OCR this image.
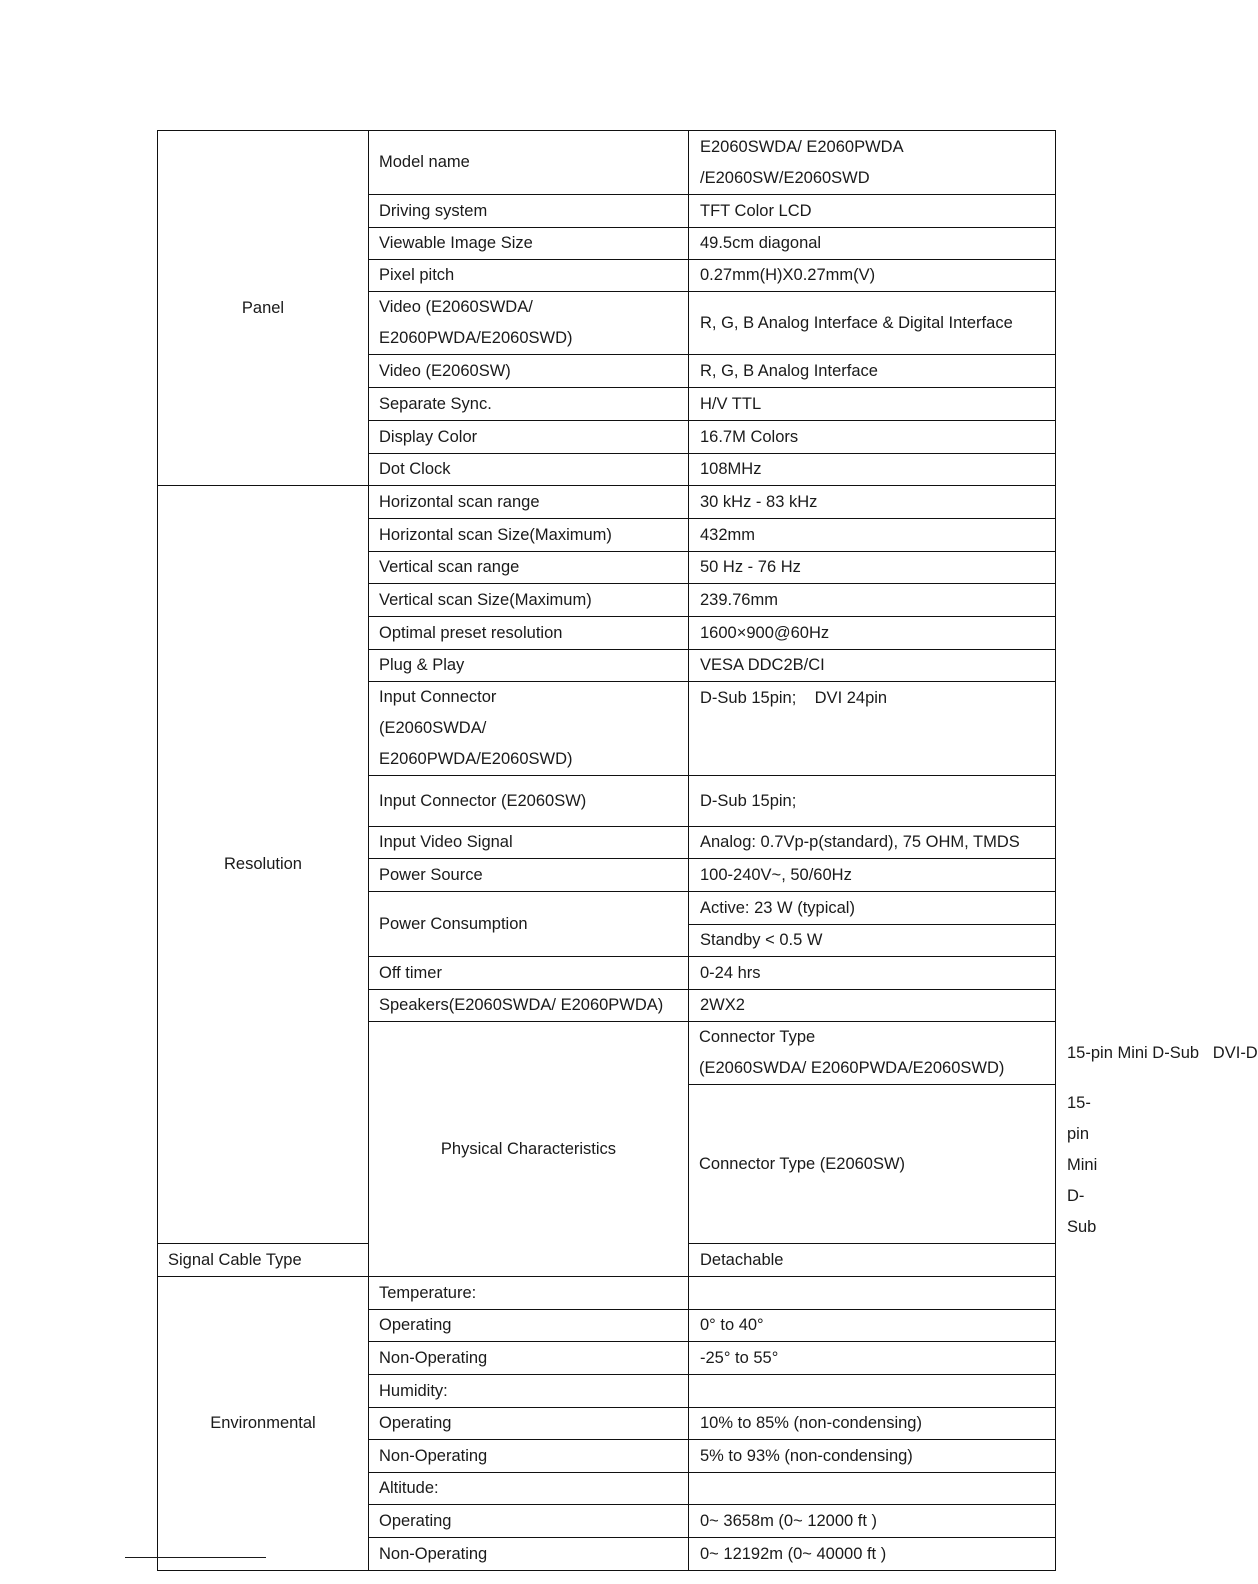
Panel	Model name	E2060SWDA/ E2060PWDA
/E2060SW/E2060SWD	
	Driving system	TFT Color LCD	
	Viewable Image Size	49.5cm diagonal	
	Pixel pitch	0.27mm(H)X0.27mm(V)	
	Video (E2060SWDA/
E2060PWDA/E2060SWD)	R, G, B Analog Interface & Digital Interface	
	Video (E2060SW)	R, G, B Analog Interface	
	Separate Sync.	H/V TTL	
	Display Color	16.7M Colors	
	Dot Clock	108MHz	
Resolution	Horizontal scan range	30 kHz - 83 kHz	
	Horizontal scan Size(Maximum)	432mm	
	Vertical scan range	50 Hz - 76 Hz	
	Vertical scan Size(Maximum)	239.76mm	
	Optimal preset resolution	1600×900@60Hz	
	Plug & Play	VESA DDC2B/CI	
	Input Connector
(E2060SWDA/ E2060PWDA/E2060SWD)	D-Sub 15pin;    DVI 24pin	
	Input Connector (E2060SW)	D-Sub 15pin;	
	Input Video Signal	Analog: 0.7Vp-p(standard), 75 OHM, TMDS	
	Power Source	100-240V~, 50/60Hz	
	Power Consumption	Active: 23 W (typical)	
		Standby < 0.5 W	
	Off timer	0-24 hrs	
	Speakers(E2060SWDA/ E2060PWDA)	2WX2	
	Physical Characteristics	Connector Type
(E2060SWDA/ E2060PWDA/E2060SWD)	15-pin Mini D-Sub   DVI-D
		Connector Type (E2060SW)	15-pin Mini D-Sub
Signal Cable Type		Detachable	
Environmental	Temperature:		
	Operating	0° to 40°	
	Non-Operating	-25° to 55°	
	Humidity:		
	Operating	10% to 85% (non-condensing)	
	Non-Operating	5% to 93% (non-condensing)	
	Altitude:		
	Operating	0~ 3658m (0~ 12000 ft )	
	Non-Operating	0~ 12192m (0~ 40000 ft )	
